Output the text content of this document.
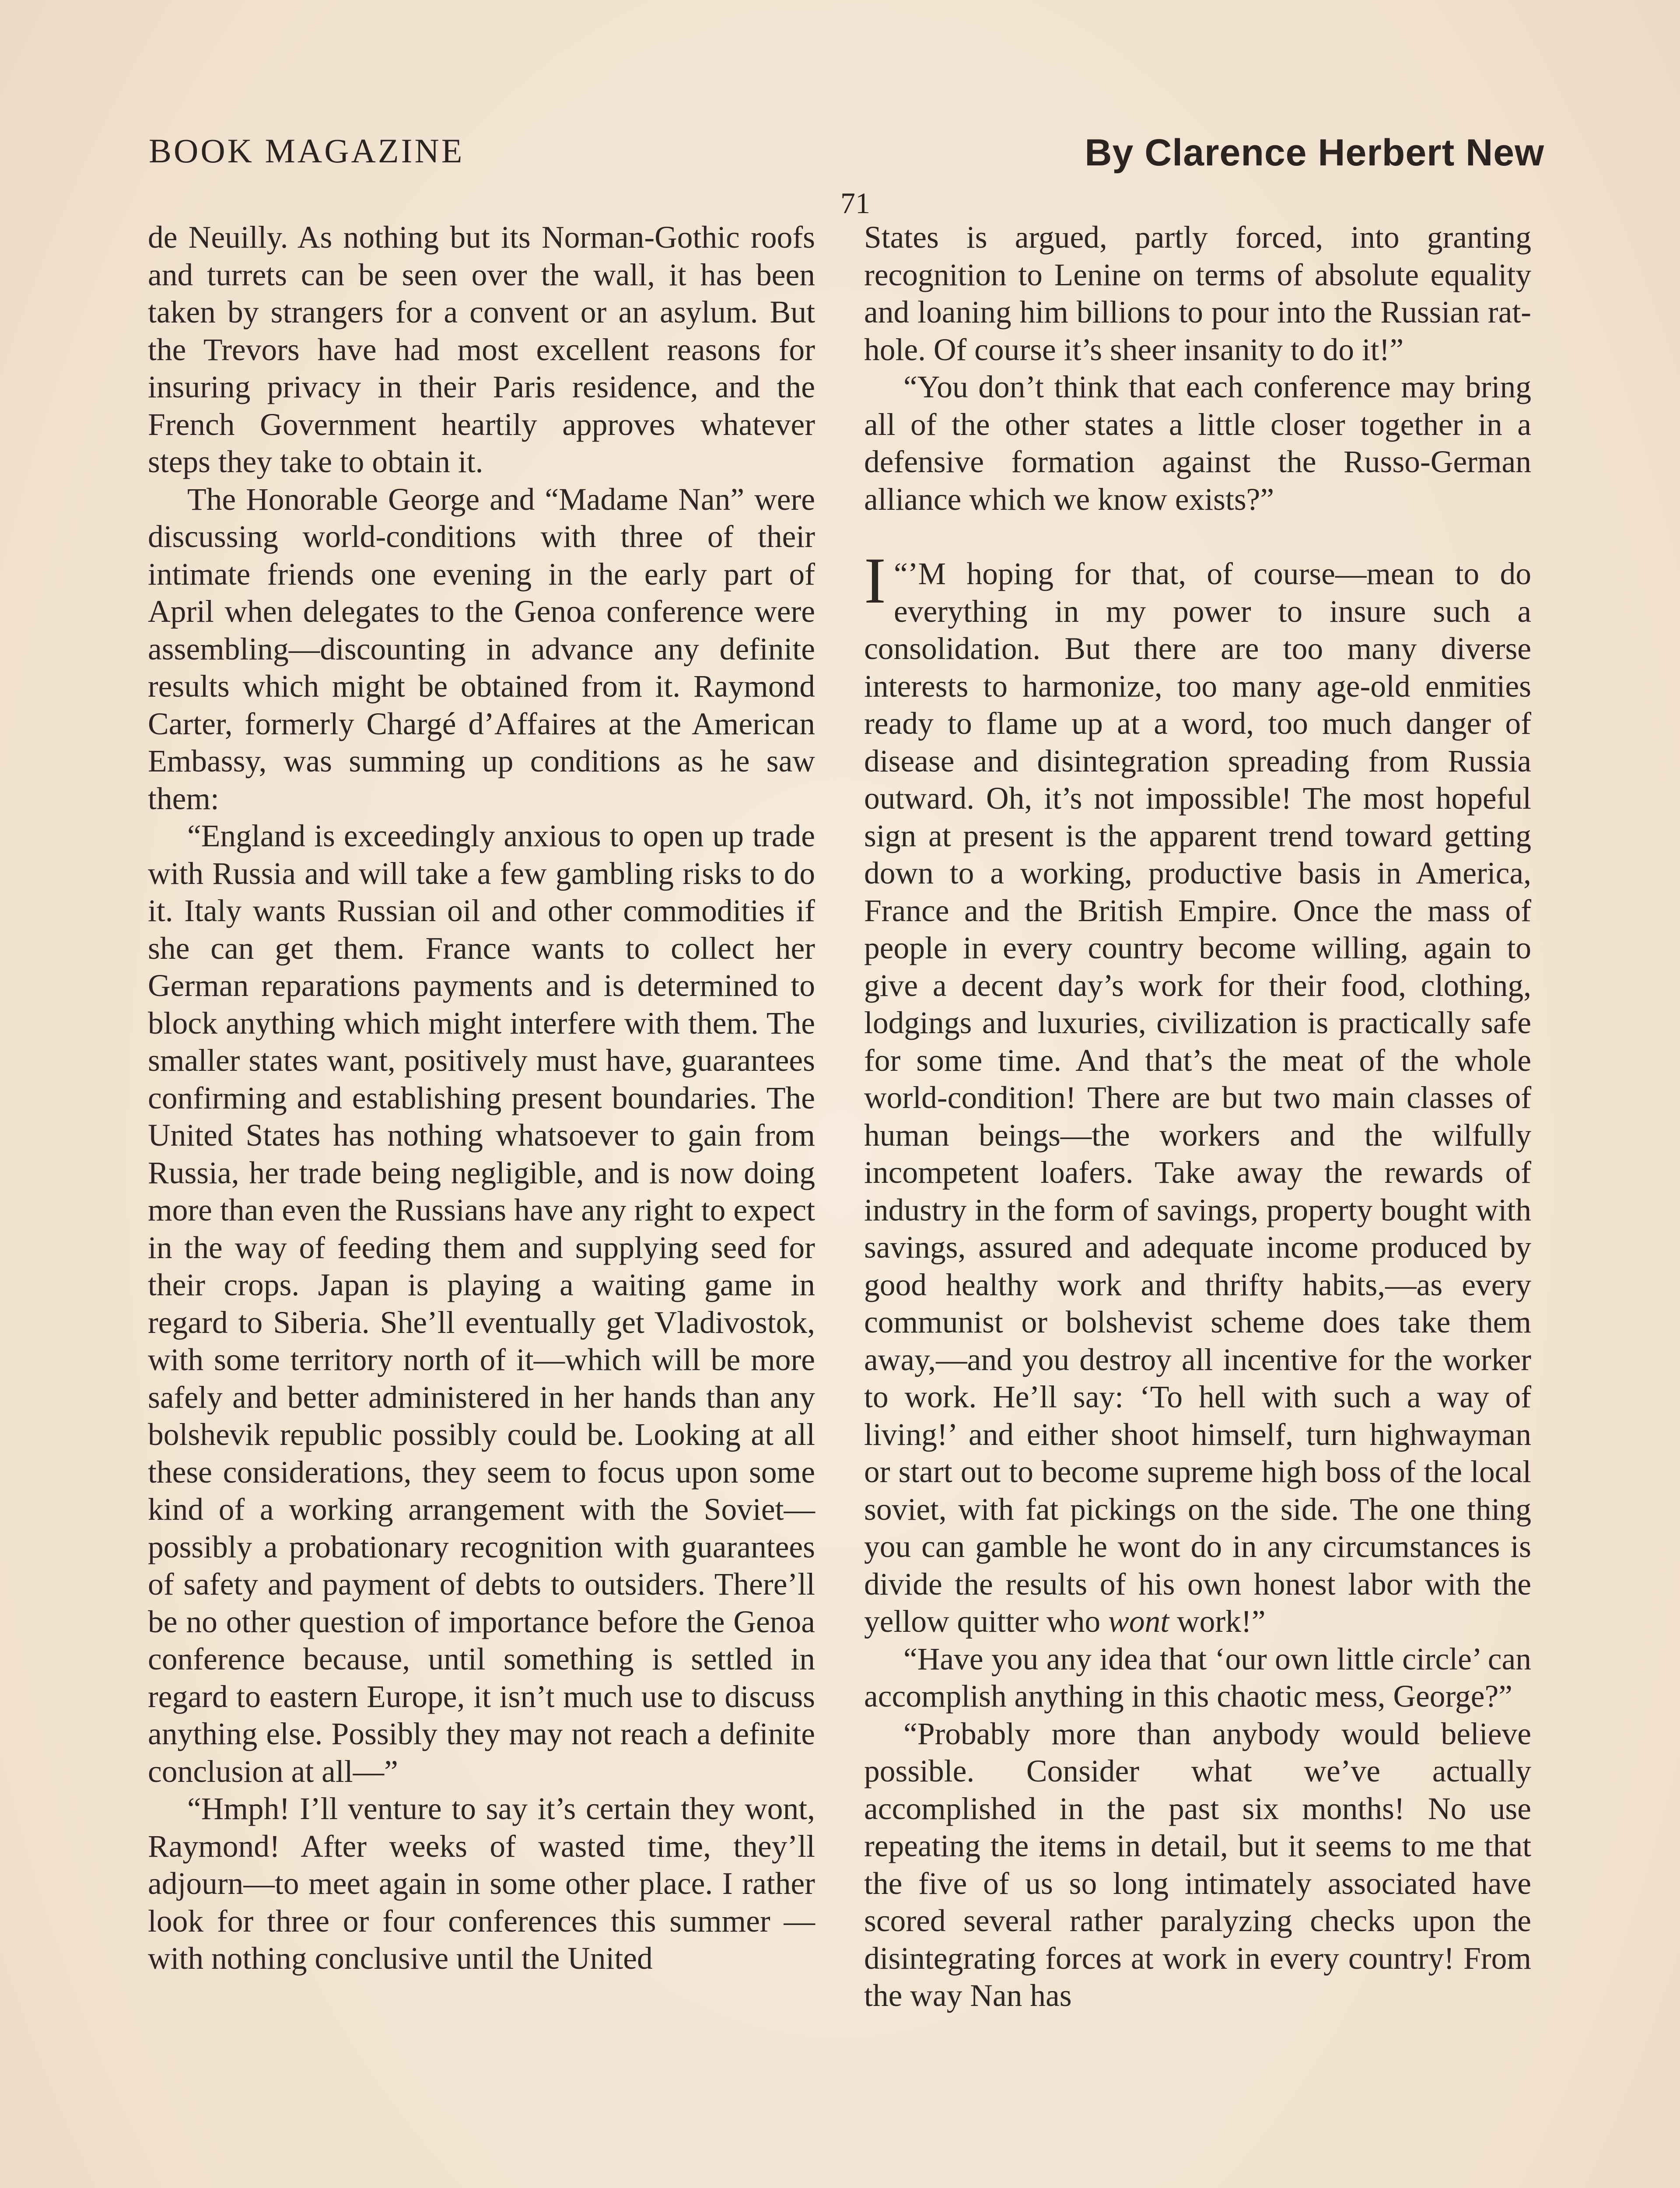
BOOK MAGAZINE	By Clarence Herbert New
71

de Neuilly. As nothing but its Norman-Gothic roofs and turrets can be seen over the wall, it has been taken by strangers for a convent or an asylum. But the Trevors have had most excellent reasons for insuring privacy in their Paris residence, and the French Government heartily approves whatever steps they take to obtain it.

The Honorable George and “Madame Nan” were discussing world-conditions with three of their intimate friends one evening in the early part of April when delegates to the Genoa conference were assembling—discounting in advance any definite results which might be obtained from it. Raymond Carter, formerly Chargé d’Affaires at the American Embassy, was summing up conditions as he saw them:

“England is exceedingly anxious to open up trade with Russia and will take a few gambling risks to do it. Italy wants Russian oil and other commodities if she can get them. France wants to collect her German reparations payments and is determined to block anything which might interfere with them. The smaller states want, positively must have, guarantees confirming and establishing present boundaries. The United States has nothing whatsoever to gain from Russia, her trade being negligible, and is now doing more than even the Russians have any right to expect in the way of feeding them and supplying seed for their crops. Japan is playing a waiting game in regard to Siberia. She’ll eventually get Vladivostok, with some territory north of it—which will be more safely and better administered in her hands than any bolshevik republic possibly could be. Looking at all these considerations, they seem to focus upon some kind of a working arrangement with the Soviet—possibly a probationary recognition with guarantees of safety and payment of debts to outsiders. There’ll be no other question of importance before the Genoa conference because, until something is settled in regard to eastern Europe, it isn’t much use to discuss anything else. Possibly they may not reach a definite conclusion at all—”

“Hmph! I’ll venture to say it’s certain they wont, Raymond! After weeks of wasted time, they’ll adjourn—to meet again in some other place. I rather look for three or four conferences this summer —with nothing conclusive until the United

States is argued, partly forced, into granting recognition to Lenine on terms of absolute equality and loaning him billions to pour into the Russian rat-hole. Of course it’s sheer insanity to do it!”

“You don’t think that each conference may bring all of the other states a little closer together in a defensive formation against the Russo-German alliance which we know exists?”

“
I ’M hoping for that, of course—mean to do everything in my power to insure such a consolidation. But there are too many diverse interests to harmonize, too many age-old enmities ready to flame up at a word, too much danger of disease and disintegration spreading from Russia outward. Oh, it’s not impossible! The most hopeful sign at present is the apparent trend toward getting down to a working, productive basis in America, France and the British Empire. Once the mass of people in every country become willing, again to give a decent day’s work for their food, clothing, lodgings and luxuries, civilization is practically safe for some time. And that’s the meat of the whole world-condition! There are but two main classes of human beings—the workers and the wilfully incompetent loafers. Take away the rewards of industry in the form of savings, property bought with savings, assured and adequate income produced by good healthy work and thrifty habits,—as every communist or bolshevist scheme does take them away,—and you destroy all incentive for the worker to work. He’ll say: ‘To hell with such a way of living!’ and either shoot himself, turn highwayman or start out to become supreme high boss of the local soviet, with fat pickings on the side. The one thing you can gamble he wont do in any circumstances is divide the results of his own honest labor with the yellow quitter who wont work!”

“Have you any idea that ‘our own little circle’ can accomplish anything in this chaotic mess, George?”

“Probably more than anybody would believe possible. Consider what we’ve actually accomplished in the past six months! No use repeating the items in detail, but it seems to me that the five of us so long intimately associated have scored several rather paralyzing checks upon the disintegrating forces at work in every country! From the way Nan has
